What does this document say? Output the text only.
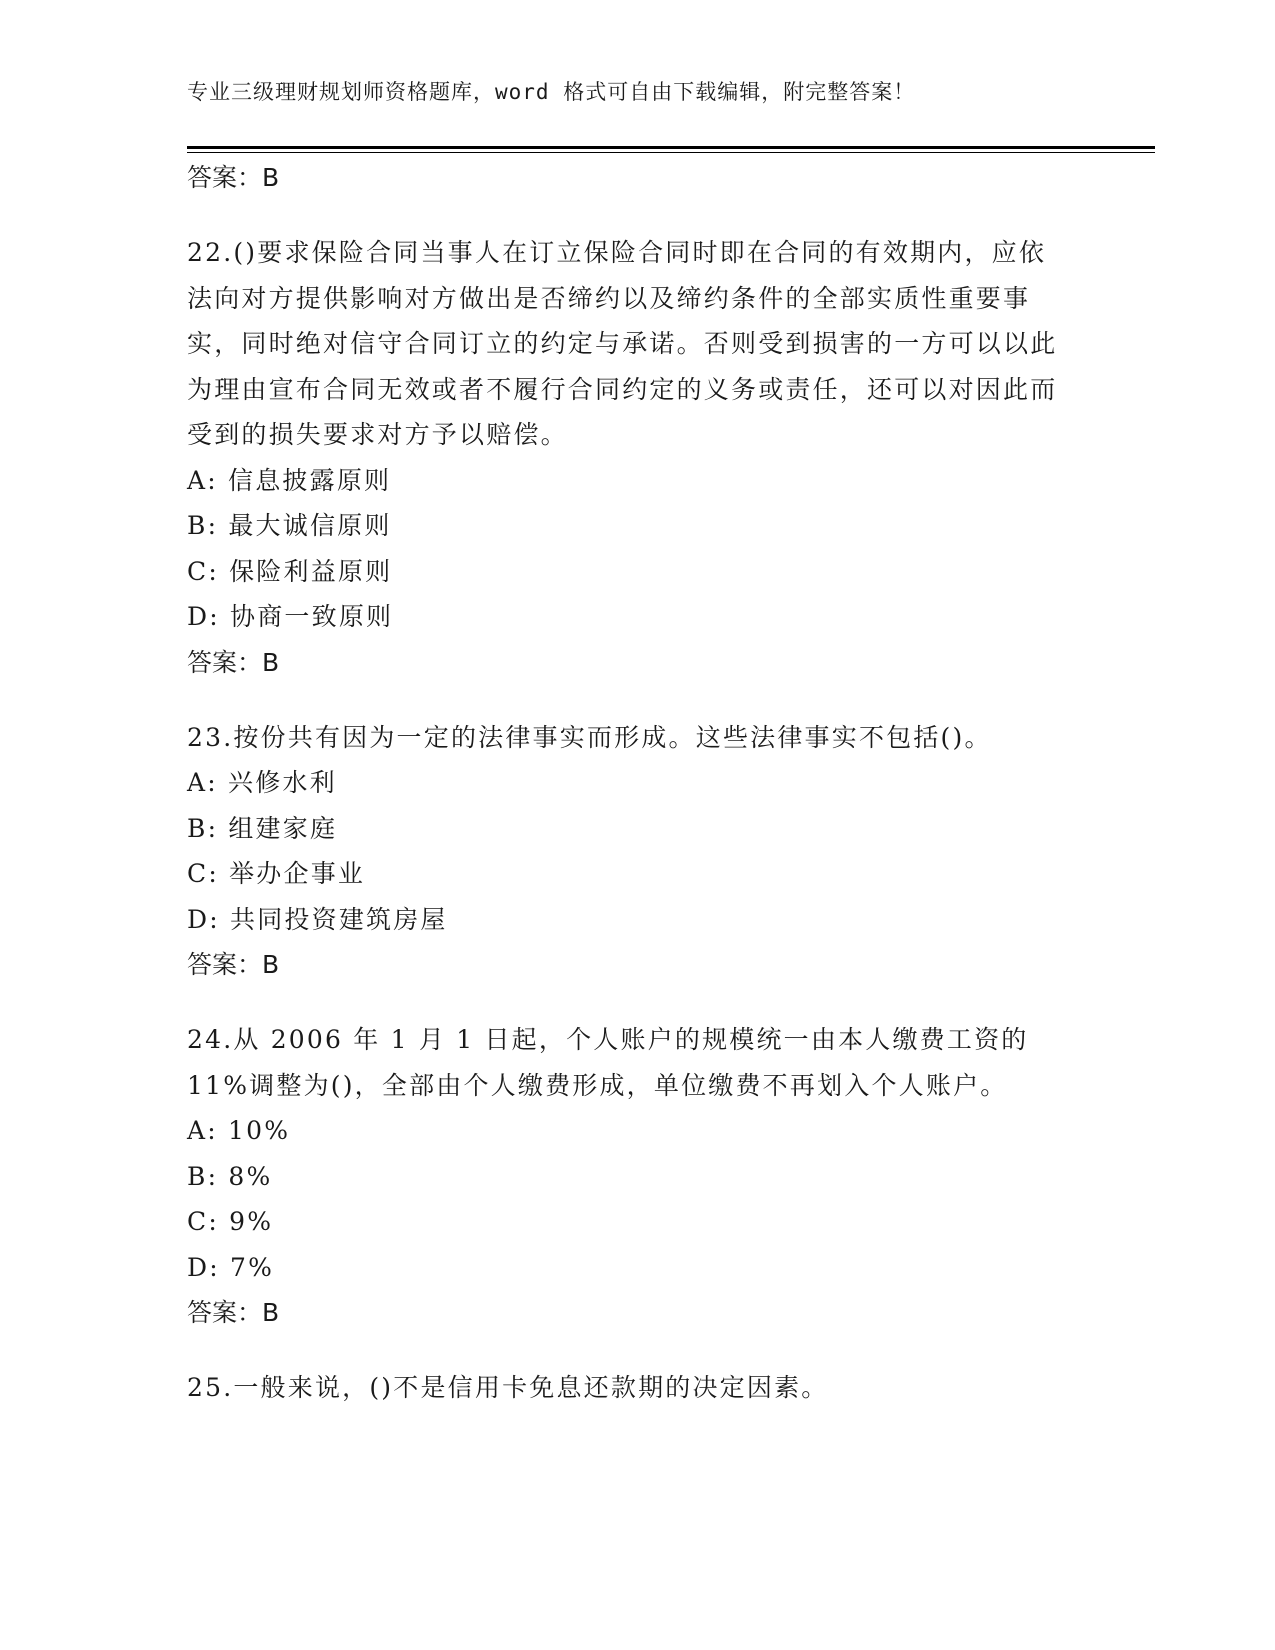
专业三级理财规划师资格题库，word 格式可自由下载编辑，附完整答案！
答案：B
22.()要求保险合同当事人在订立保险合同时即在合同的有效期内，应依法向对方提供影响对方做出是否缔约以及缔约条件的全部实质性重要事实，同时绝对信守合同订立的约定与承诺。否则受到损害的一方可以以此为理由宣布合同无效或者不履行合同约定的义务或责任，还可以对因此而受到的损失要求对方予以赔偿。
A: 信息披露原则
B: 最大诚信原则
C: 保险利益原则
D: 协商一致原则
答案：B
23.按份共有因为一定的法律事实而形成。这些法律事实不包括()。
A: 兴修水利
B: 组建家庭
C: 举办企事业
D: 共同投资建筑房屋
答案：B
24.从 2006 年 1 月 1 日起，个人账户的规模统一由本人缴费工资的 11%调整为()，全部由个人缴费形成，单位缴费不再划入个人账户。
A: 10%
B: 8%
C: 9%
D: 7%
答案：B
25.一般来说，()不是信用卡免息还款期的决定因素。
